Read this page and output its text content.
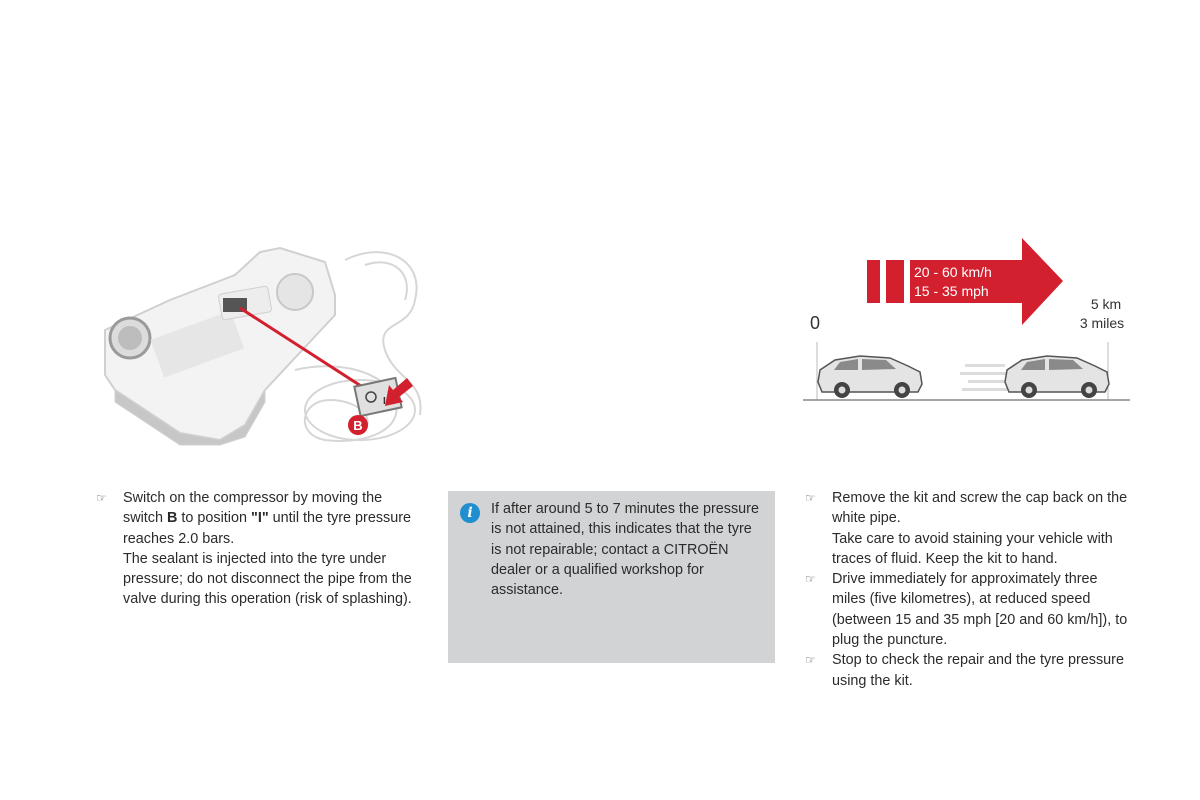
I
B
20 - 60 km/h
15 - 35 mph
0
5 km
3 miles
☞ Switch on the compressor by moving the switch B to position "I" until the tyre pressure reaches 2.0 bars.

The sealant is injected into the tyre under pressure; do not disconnect the pipe from the valve during this operation (risk of splashing).

i	If after around 5 to 7 minutes the pressure is not attained, this indicates that the tyre is not repairable; contact a CITROËN dealer or a qualified workshop for assistance.
☞ Remove the kit and screw the cap back on the white pipe.

Take care to avoid staining your vehicle with traces of fluid. Keep the kit to hand.

☞ Drive immediately for approximately three miles (five kilometres), at reduced speed (between 15 and 35 mph [20 and 60 km/h]), to plug the puncture.

☞ Stop to check the repair and the tyre pressure using the kit.
